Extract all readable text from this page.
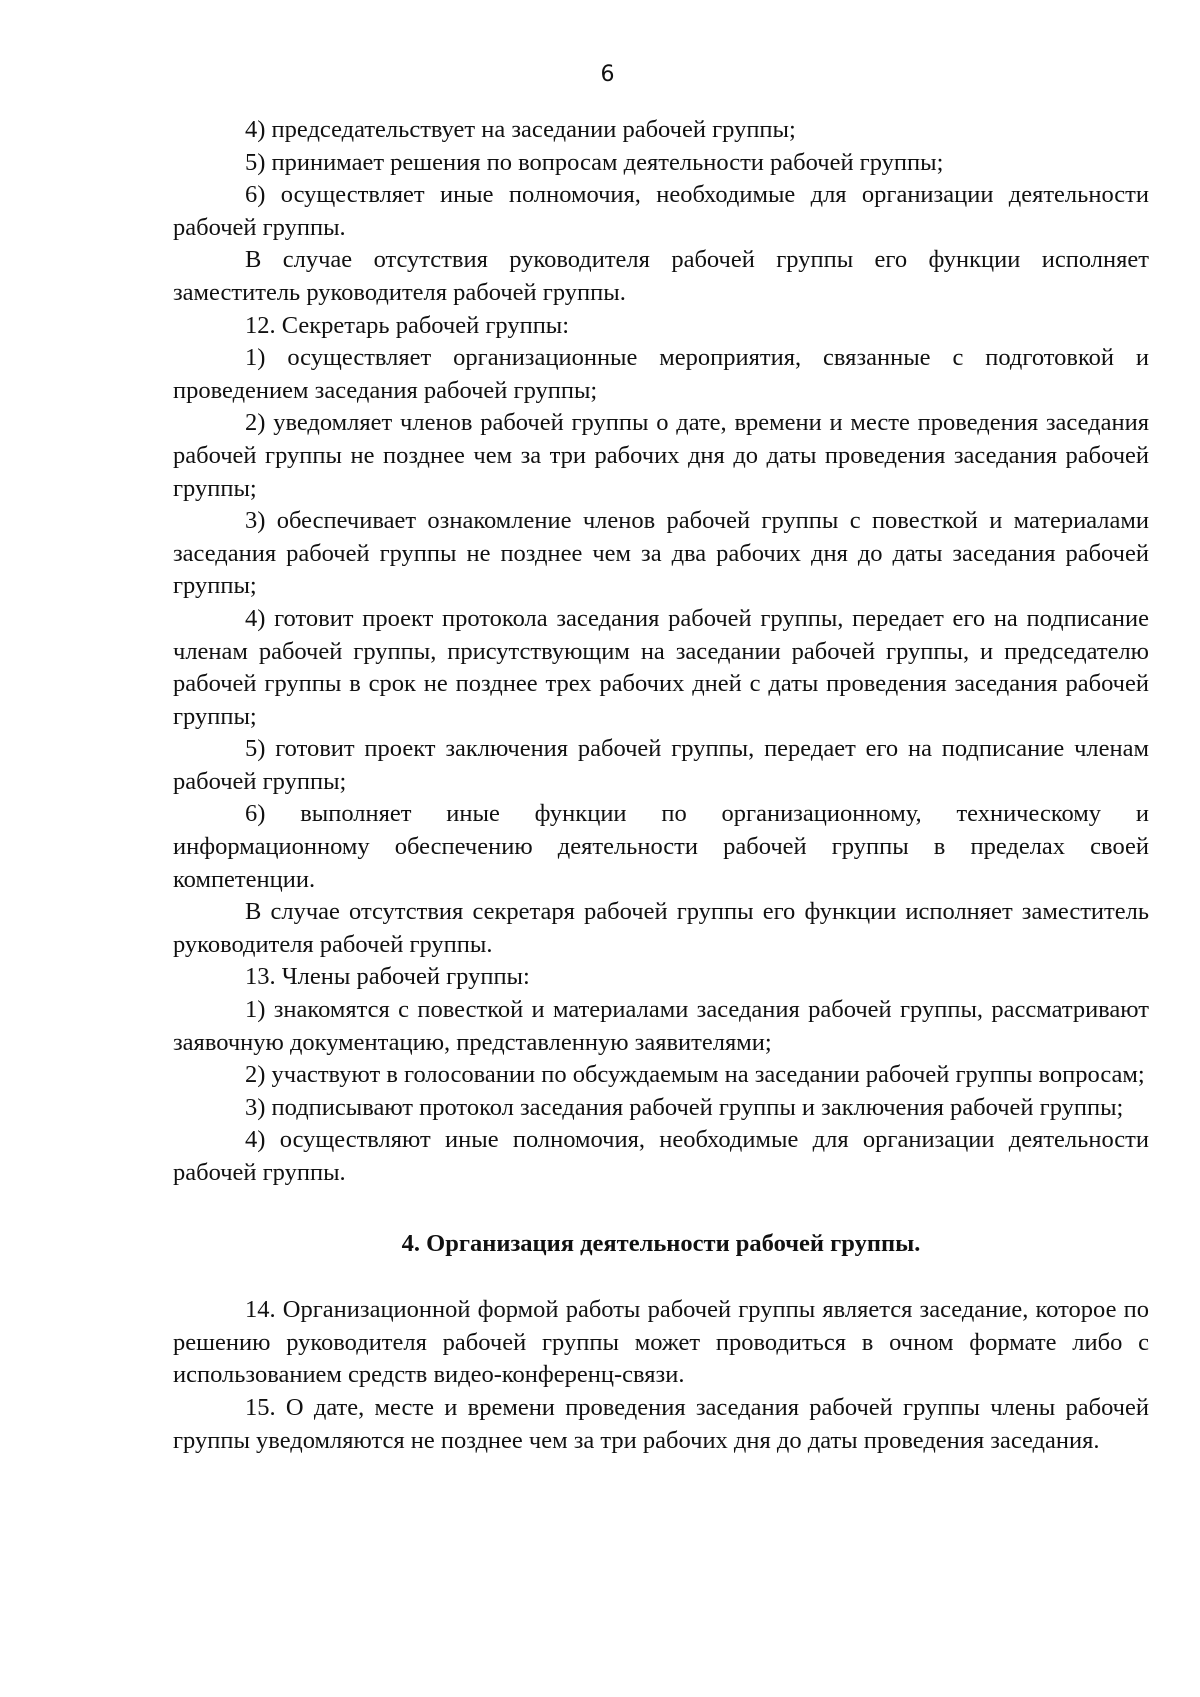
6

4) председательствует на заседании рабочей группы;

5) принимает решения по вопросам деятельности рабочей группы;

6) осуществляет иные полномочия, необходимые для организации деятельности рабочей группы.

В случае отсутствия руководителя рабочей группы его функции исполняет заместитель руководителя рабочей группы.

12. Секретарь рабочей группы:

1) осуществляет организационные мероприятия, связанные с подготовкой и проведением заседания рабочей группы;

2) уведомляет членов рабочей группы о дате, времени и месте проведения заседания рабочей группы не позднее чем за три рабочих дня до даты проведения заседания рабочей группы;

3) обеспечивает ознакомление членов рабочей группы с повесткой и материалами заседания рабочей группы не позднее чем за два рабочих дня до даты заседания рабочей группы;

4) готовит проект протокола заседания рабочей группы, передает его на подписание членам рабочей группы, присутствующим на заседании рабочей группы, и председателю рабочей группы в срок не позднее трех рабочих дней с даты проведения заседания рабочей группы;

5) готовит проект заключения рабочей группы, передает его на подписание членам рабочей группы;

6) выполняет иные функции по организационному, техническому и информационному обеспечению деятельности рабочей группы в пределах своей компетенции.

В случае отсутствия секретаря рабочей группы его функции исполняет заместитель руководителя рабочей группы.

13. Члены рабочей группы:

1) знакомятся с повесткой и материалами заседания рабочей группы, рассматривают заявочную документацию, представленную заявителями;

2) участвуют в голосовании по обсуждаемым на заседании рабочей группы вопросам;

3) подписывают протокол заседания рабочей группы и заключения рабочей группы;

4) осуществляют иные полномочия, необходимые для организации деятельности рабочей группы.

4. Организация деятельности рабочей группы.

14. Организационной формой работы рабочей группы является заседание, которое по решению руководителя рабочей группы может проводиться в очном формате либо с использованием средств видео-конференц-связи.

15. О дате, месте и времени проведения заседания рабочей группы члены рабочей группы уведомляются не позднее чем за три рабочих дня до даты проведения заседания.
